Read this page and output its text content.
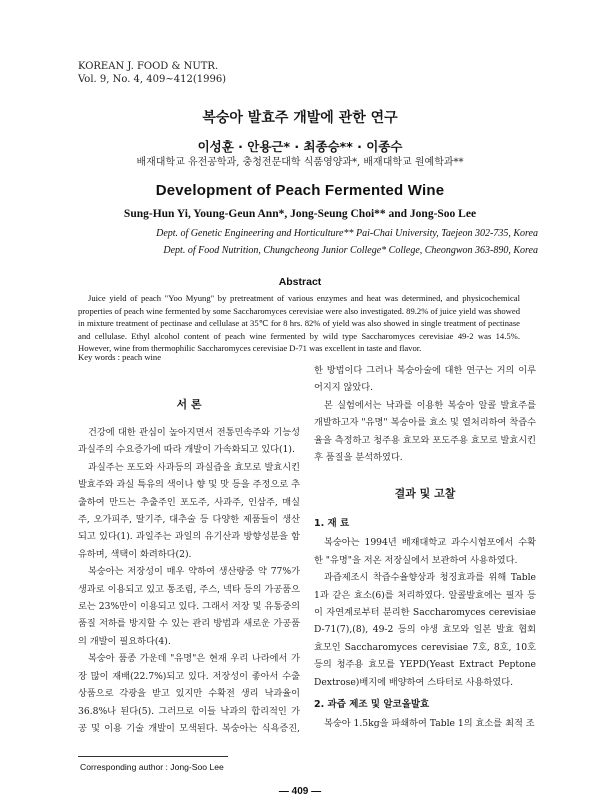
KOREAN J. FOOD & NUTR.
Vol. 9, No. 4, 409~412(1996)
복숭아 발효주 개발에 관한 연구
이성훈 · 안용근* · 최종승** · 이종수
배재대학교 유전공학과, 충청전문대학 식품영양과*, 배재대학교 원예학과**
Development of Peach Fermented Wine
Sung-Hun Yi, Young-Geun Ann*, Jong-Seung Choi** and Jong-Soo Lee
Dept. of Genetic Engineering and Horticulture** Pai-Chai University, Taejeon 302-735, Korea
Dept. of Food Nutrition, Chungcheong Junior College* College, Cheongwon 363-890, Korea
Abstract

Juice yield of peach "Yoo Myung" by pretreatment of various enzymes and heat was determined, and physicochemical properties of peach wine fermented by some Saccharomyces cerevisiae were also investigated. 89.2% of juice yield was showed in mixture treatment of pectinase and cellulase at 35℃ for 8 hrs. 82% of yield was also showed in single treatment of pectinase and cellulase. Ethyl alcohol content of peach wine fermented by wild type Saccharomyces cerevisiae 49-2 was 14.5%. However, wine from thermophilic Saccharomyces cerevisiae D-71 was excellent in taste and flavor.

Key words : peach wine
서 론

건강에 대한 관심이 높아지면서 전통민속주와 기능성과실주의 수요증가에 따라 개발이 가속화되고 있다(1).

과실주는 포도와 사과등의 과실즙을 효모로 발효시킨 발효주와 과실 특유의 색이나 향 및 맛 등을 주정으로 추출하여 만드는 추출주인 포도주, 사과주, 인삼주, 매실주, 오가피주, 딸기주, 대추술 등 다양한 제품들이 생산되고 있다(1). 과일주는 과일의 유기산과 방향성분을 함유하며, 색택이 화려하다(2).

복숭아는 저장성이 매우 약하여 생산량중 약 77%가 생과로 이용되고 있고 통조림, 주스, 넥타 등의 가공품으로는 23%만이 이용되고 있다. 그래서 저장 및 유통중의 품질 저하를 방지할 수 있는 관리 방법과 새로운 가공품의 개발이 필요하다(4).

복숭아 품종 가운데 "유명"은 현재 우리 나라에서 가장 많이 재배(22.7%)되고 있다. 저장성이 좋아서 수출상품으로 각광을 받고 있지만 수확전 생리 낙과율이 36.8%나 된다(5). 그러므로 이들 낙과의 합리적인 가공 및 이용 기술 개발이 모색된다. 복숭아는 식욕증진,

한 방법이다 그러나 복숭아술에 대한 연구는 거의 이루어지지 않았다.

본 실험에서는 낙과를 이용한 복숭아 알콜 발효주를 개발하고자 "유명" 복숭아를 효소 및 열처리하여 착즙수율을 측정하고 청주용 효모와 포도주용 효모로 발효시킨 후 품질을 분석하였다.

결과 및 고찰
1. 재 료

복숭아는 1994년 배재대학교 과수시험포에서 수확한 "유명"을 저온 저장실에서 보관하여 사용하였다.

과즙제조시 착즙수율향상과 청징효과를 위해 Table 1과 같은 효소(6)를 처리하였다. 알콜발효에는 필자 등이 자연계로부터 분리한 Saccharomyces cerevisiae D-71(7),(8), 49-2 등의 야생 효모와 일본 발효 협회 효모인 Saccharomyces cerevisiae 7호, 8호, 10호 등의 청주용 효모를 YEPD(Yeast Extract Peptone Dextrose)배지에 배양하여 스타터로 사용하였다.

2. 과즙 제조 및 알코올발효

복숭아 1.5kg을 파쇄하여 Table 1의 효소를 최적 조

Corresponding author : Jong-Soo Lee
— 409 —
